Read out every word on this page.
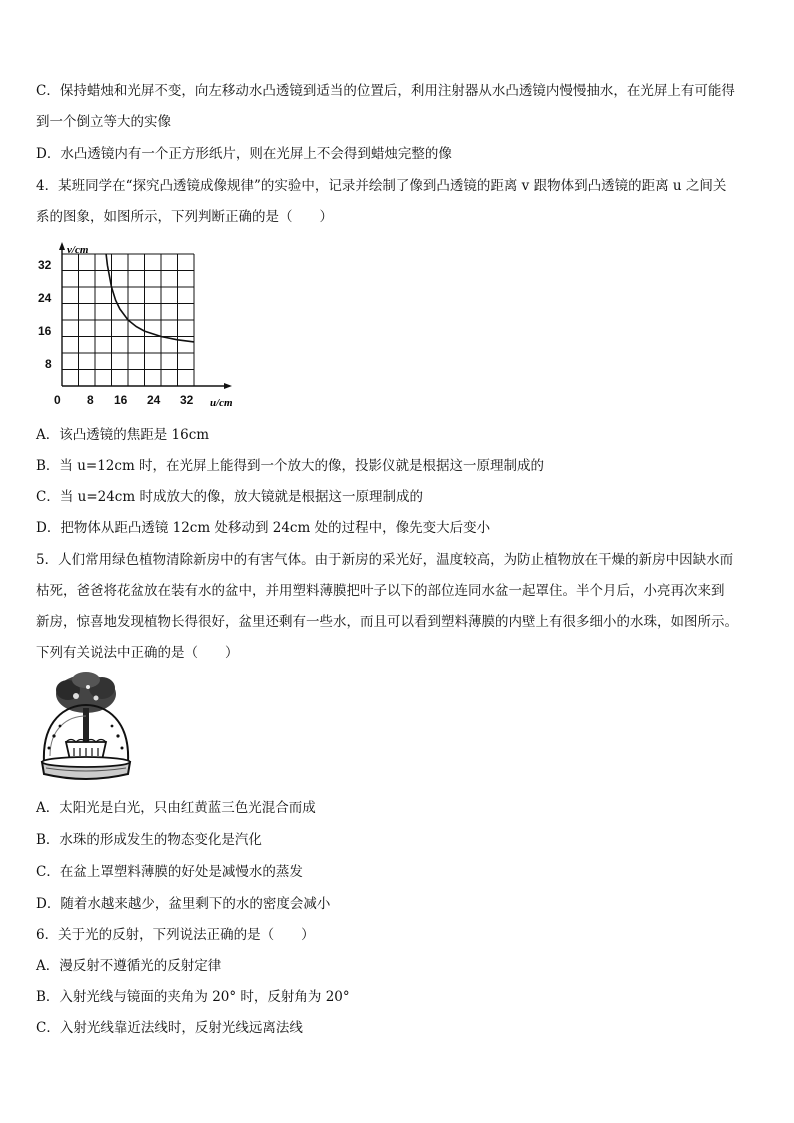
C．保持蜡烛和光屏不变，向左移动水凸透镜到适当的位置后，利用注射器从水凸透镜内慢慢抽水，在光屏上有可能得
到一个倒立等大的实像
D．水凸透镜内有一个正方形纸片，则在光屏上不会得到蜡烛完整的像
4．某班同学在“探究凸透镜成像规律”的实验中，记录并绘制了像到凸透镜的距离 v 跟物体到凸透镜的距离 u 之间关
系的图象，如图所示，下列判断正确的是（　　）
v/cm
u/cm
32
24
16
8
0 8 16 24 32
A．该凸透镜的焦距是 16cm
B．当 u=12cm 时，在光屏上能得到一个放大的像，投影仪就是根据这一原理制成的
C．当 u=24cm 时成放大的像，放大镜就是根据这一原理制成的
D．把物体从距凸透镜 12cm 处移动到 24cm 处的过程中，像先变大后变小
5．人们常用绿色植物清除新房中的有害气体。由于新房的采光好，温度较高，为防止植物放在干燥的新房中因缺水而
枯死，爸爸将花盆放在装有水的盆中，并用塑料薄膜把叶子以下的部位连同水盆一起罩住。半个月后，小亮再次来到
新房，惊喜地发现植物长得很好，盆里还剩有一些水，而且可以看到塑料薄膜的内壁上有很多细小的水珠，如图所示。
下列有关说法中正确的是（　　）
A．太阳光是白光，只由红黄蓝三色光混合而成
B．水珠的形成发生的物态变化是汽化
C．在盆上罩塑料薄膜的好处是减慢水的蒸发
D．随着水越来越少，盆里剩下的水的密度会减小
6．关于光的反射，下列说法正确的是（　　）
A．漫反射不遵循光的反射定律
B．入射光线与镜面的夹角为 20° 时，反射角为 20°
C．入射光线靠近法线时，反射光线远离法线
